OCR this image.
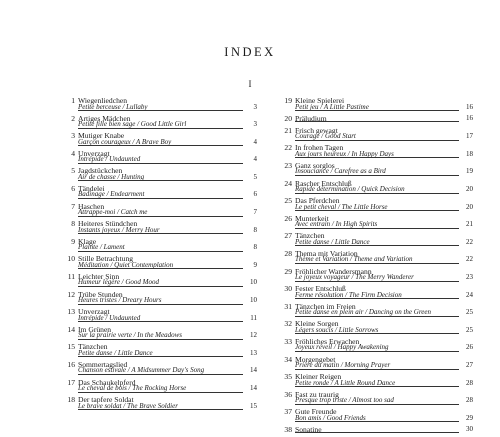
INDEX
I
1 Wiegenliedchen
Petite berceuse / Lullaby	3
2 Artiges Mädchen
Petite fille bien sage / Good Little Girl	3
3 Mutiger Knabe
Garçon courageux / A Brave Boy	4
4 Unverzagt
Intrépide / Undaunted	4
5 Jagdstückchen
Air de chasse / Hunting	5
6 Tändelei
Badinage / Endearment	6
7 Haschen
Attrappe-moi / Catch me	7
8 Heiteres Stündchen
Instants joyeux / Merry Hour	8
9 Klage
Plainte / Lament	8
10 Stille Betrachtung
Méditation / Quiet Contemplation	9
11 Leichter Sinn
Humeur légère / Good Mood	10
12 Trübe Stunden
Heures tristes / Dreary Hours	10
13 Unverzagt
Intrépide / Undaunted	11
14 Im Grünen
Sur la prairie verte / In the Meadows	12
15 Tänzchen
Petite danse / Little Dance	13
16 Sommertagslied
Chanson estivale / A Midsummer Day's Song	14
17 Das Schaukelpferd
Le cheval de bois / The Rocking Horse	14
18 Der tapfere Soldat
Le brave soldat / The Brave Soldier	15
19 Kleine Spielerei
Petit jeu / A Little Pastime	16
20 Präludium	16
21 Frisch gewagt
Courage / Good Start	17
22 In frohen Tagen
Aux jours heureux / In Happy Days	18
23 Ganz sorglos
Insouciance / Carefree as a Bird	19
24 Rascher Entschluß
Rapide détermination / Quick Decision	20
25 Das Pferdchen
Le petit cheval / The Little Horse	20
26 Munterkeit
Avec entrain / In High Spirits	21
27 Tänzchen
Petite danse / Little Dance	22
28 Thema mit Variation
Thème et Variation / Theme and Variation	22
29 Fröhlicher Wandersmann
Le joyeux voyageur / The Merry Wanderer	23
30 Fester Entschluß
Ferme résolution / The Firm Decision	24
31 Tänzchen im Freien
Petite danse en plein air / Dancing on the Green	25
32 Kleine Sorgen
Légers soucis / Little Sorrows	25
33 Fröhliches Erwachen
Joyeux réveil / Happy Awakening	26
34 Morgengebet
Prière du matin / Morning Prayer	27
35 Kleiner Reigen
Petite ronde / A Little Round Dance	28
36 Fast zu traurig
Presque trop triste / Almost too sad	28
37 Gute Freunde
Bon amis / Good Friends	29
38 Sonatine	30
